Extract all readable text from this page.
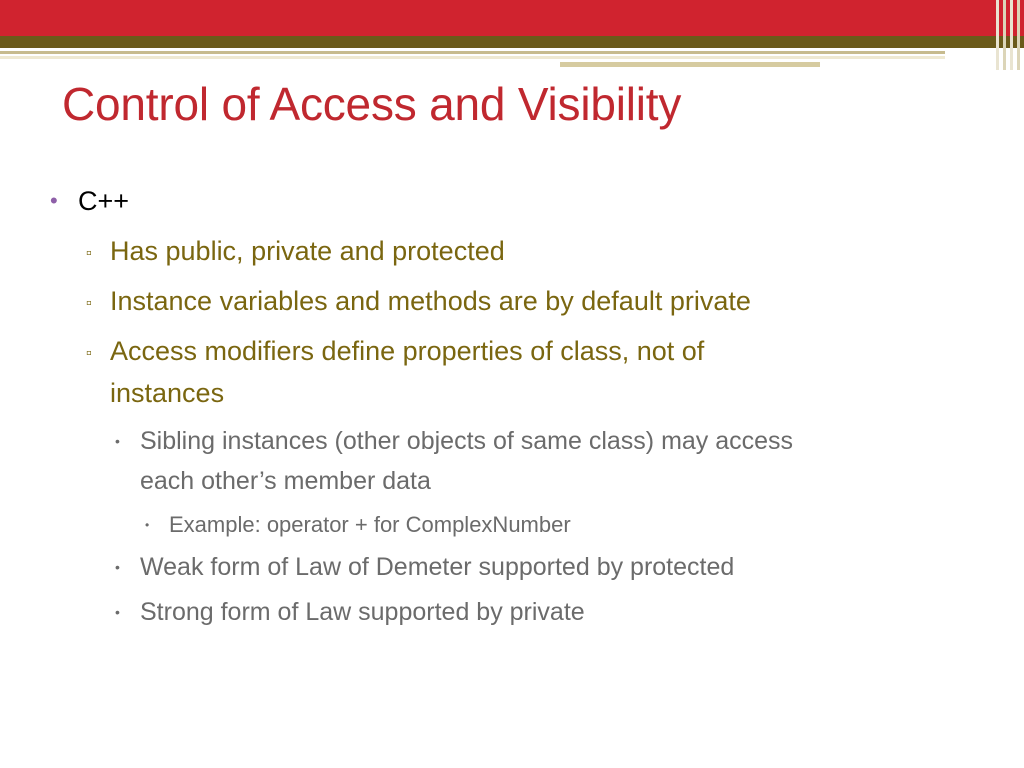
Control of Access and Visibility
• C++
▫ Has public, private and protected
▫ Instance variables and methods are by default private
▫ Access modifiers define properties of class, not of
instances
• Sibling instances (other objects of same class) may access
each other’s member data
• Example: operator + for ComplexNumber
• Weak form of Law of Demeter supported by protected
• Strong form of Law supported by private
